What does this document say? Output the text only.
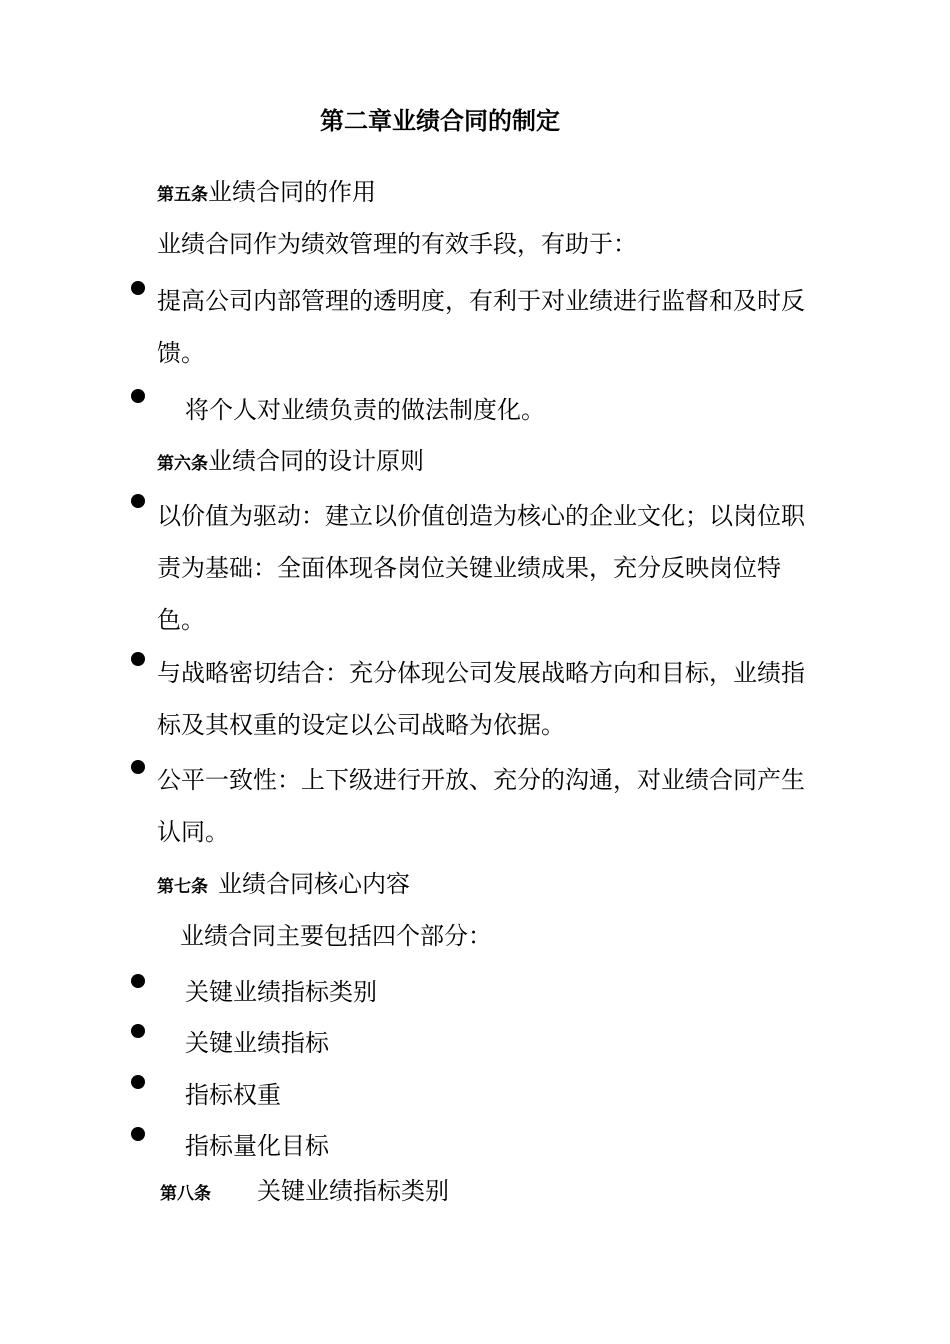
第二章业绩合同的制定
第五条业绩合同的作用
业绩合同作为绩效管理的有效手段，有助于：
提高公司内部管理的透明度，有利于对业绩进行监督和及时反馈。
将个人对业绩负责的做法制度化。
第六条业绩合同的设计原则
以价值为驱动：建立以价值创造为核心的企业文化；以岗位职责为基础：全面体现各岗位关键业绩成果，充分反映岗位特色。
与战略密切结合：充分体现公司发展战略方向和目标，业绩指标及其权重的设定以公司战略为依据。
公平一致性：上下级进行开放、充分的沟通，对业绩合同产生认同。
第七条 业绩合同核心内容
业绩合同主要包括四个部分：
关键业绩指标类别
关键业绩指标
指标权重
指标量化目标
第八条 关键业绩指标类别
